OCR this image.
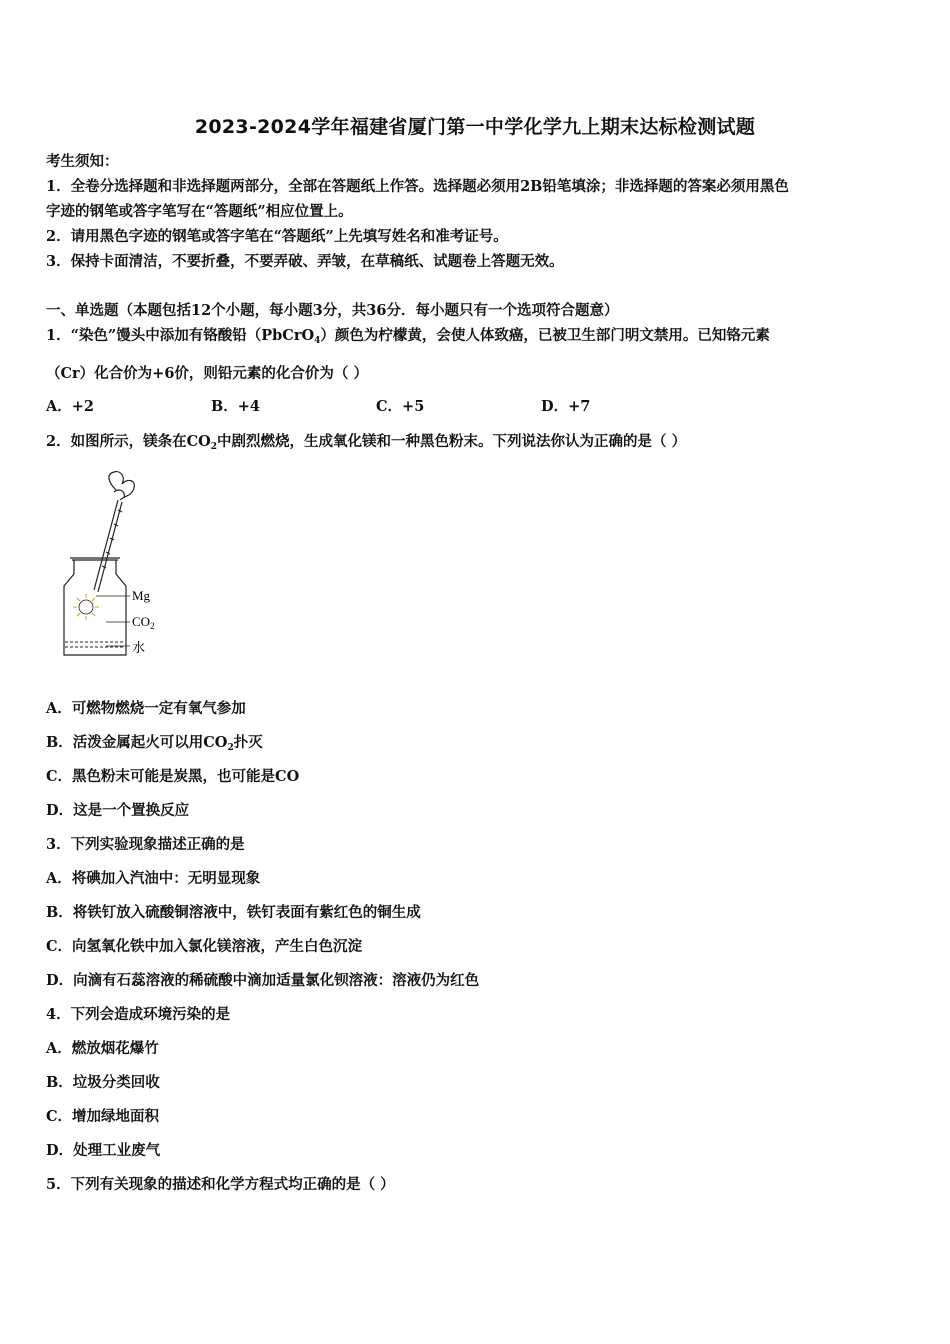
2023-2024学年福建省厦门第一中学化学九上期末达标检测试题
考生须知：
1．全卷分选择题和非选择题两部分，全部在答题纸上作答。选择题必须用2B铅笔填涂；非选择题的答案必须用黑色
字迹的钢笔或答字笔写在“答题纸”相应位置上。
2．请用黑色字迹的钢笔或答字笔在“答题纸”上先填写姓名和准考证号。
3．保持卡面清洁，不要折叠，不要弄破、弄皱，在草稿纸、试题卷上答题无效。
一、单选题（本题包括12个小题，每小题3分，共36分．每小题只有一个选项符合题意）
1．“染色”馒头中添加有铬酸铅（PbCrO$_4$）颜色为柠檬黄，会使人体致癌，已被卫生部门明文禁用。已知铬元素
（Cr）化合价为+6价，则铅元素的化合价为（ ）
A．+2	B．+4	C．+5	D．+7
2．如图所示，镁条在$CO_2$中剧烈燃烧，生成氧化镁和一种黑色粉末。下列说法你认为正确的是（ ）
Mg
$CO_2$
水
A．可燃物燃烧一定有氧气参加
B．活泼金属起火可以用$CO_2$扑灭
C．黑色粉末可能是炭黑，也可能是CO
D．这是一个置换反应
3．下列实验现象描述正确的是
A．将碘加入汽油中：无明显现象
B．将铁钉放入硫酸铜溶液中，铁钉表面有紫红色的铜生成
C．向氢氧化铁中加入氯化镁溶液，产生白色沉淀
D．向滴有石蕊溶液的稀硫酸中滴加适量氯化钡溶液：溶液仍为红色
4．下列会造成环境污染的是
A．燃放烟花爆竹
B．垃圾分类回收
C．增加绿地面积
D．处理工业废气
5．下列有关现象的描述和化学方程式均正确的是（ ）
